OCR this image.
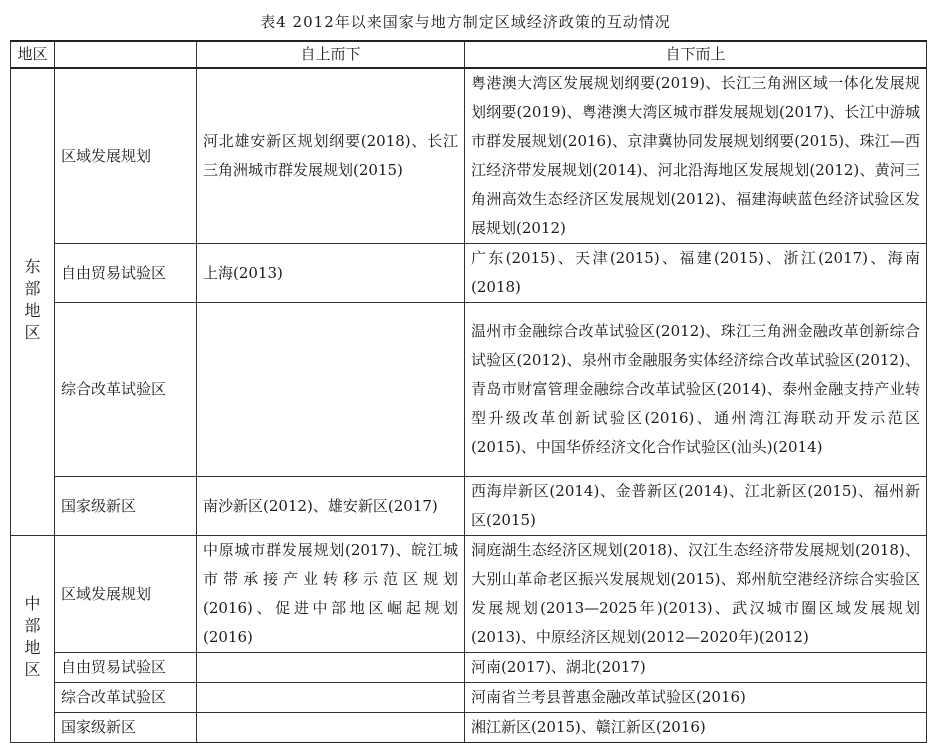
表4 2012年以来国家与地方制定区域经济政策的互动情况
地区		自上而下	自下而上
东部地区	区域发展规划	河北雄安新区规划纲要(2018)、长江三角洲城市群发展规划(2015)	粤港澳大湾区发展规划纲要(2019)、长江三角洲区域一体化发展规划纲要(2019)、粤港澳大湾区城市群发展规划(2017)、长江中游城市群发展规划(2016)、京津冀协同发展规划纲要(2015)、珠江—西江经济带发展规划(2014)、河北沿海地区发展规划(2012)、黄河三角洲高效生态经济区发展规划(2012)、福建海峡蓝色经济试验区发展规划(2012)
	自由贸易试验区	上海(2013)	广东(2015)、天津(2015)、福建(2015)、浙江(2017)、海南(2018)
	综合改革试验区		温州市金融综合改革试验区(2012)、珠江三角洲金融改革创新综合试验区(2012)、泉州市金融服务实体经济综合改革试验区(2012)、青岛市财富管理金融综合改革试验区(2014)、泰州金融支持产业转型升级改革创新试验区(2016)、通州湾江海联动开发示范区(2015)、中国华侨经济文化合作试验区(汕头)(2014)
	国家级新区	南沙新区(2012)、雄安新区(2017)	西海岸新区(2014)、金普新区(2014)、江北新区(2015)、福州新区(2015)
中部地区	区域发展规划	中原城市群发展规划(2017)、皖江城市带承接产业转移示范区规划(2016)、促进中部地区崛起规划(2016)	洞庭湖生态经济区规划(2018)、汉江生态经济带发展规划(2018)、大别山革命老区振兴发展规划(2015)、郑州航空港经济综合实验区发展规划(2013—2025年)(2013)、武汉城市圈区域发展规划(2013)、中原经济区规划(2012—2020年)(2012)
	自由贸易试验区		河南(2017)、湖北(2017)
	综合改革试验区		河南省兰考县普惠金融改革试验区(2016)
	国家级新区		湘江新区(2015)、赣江新区(2016)
